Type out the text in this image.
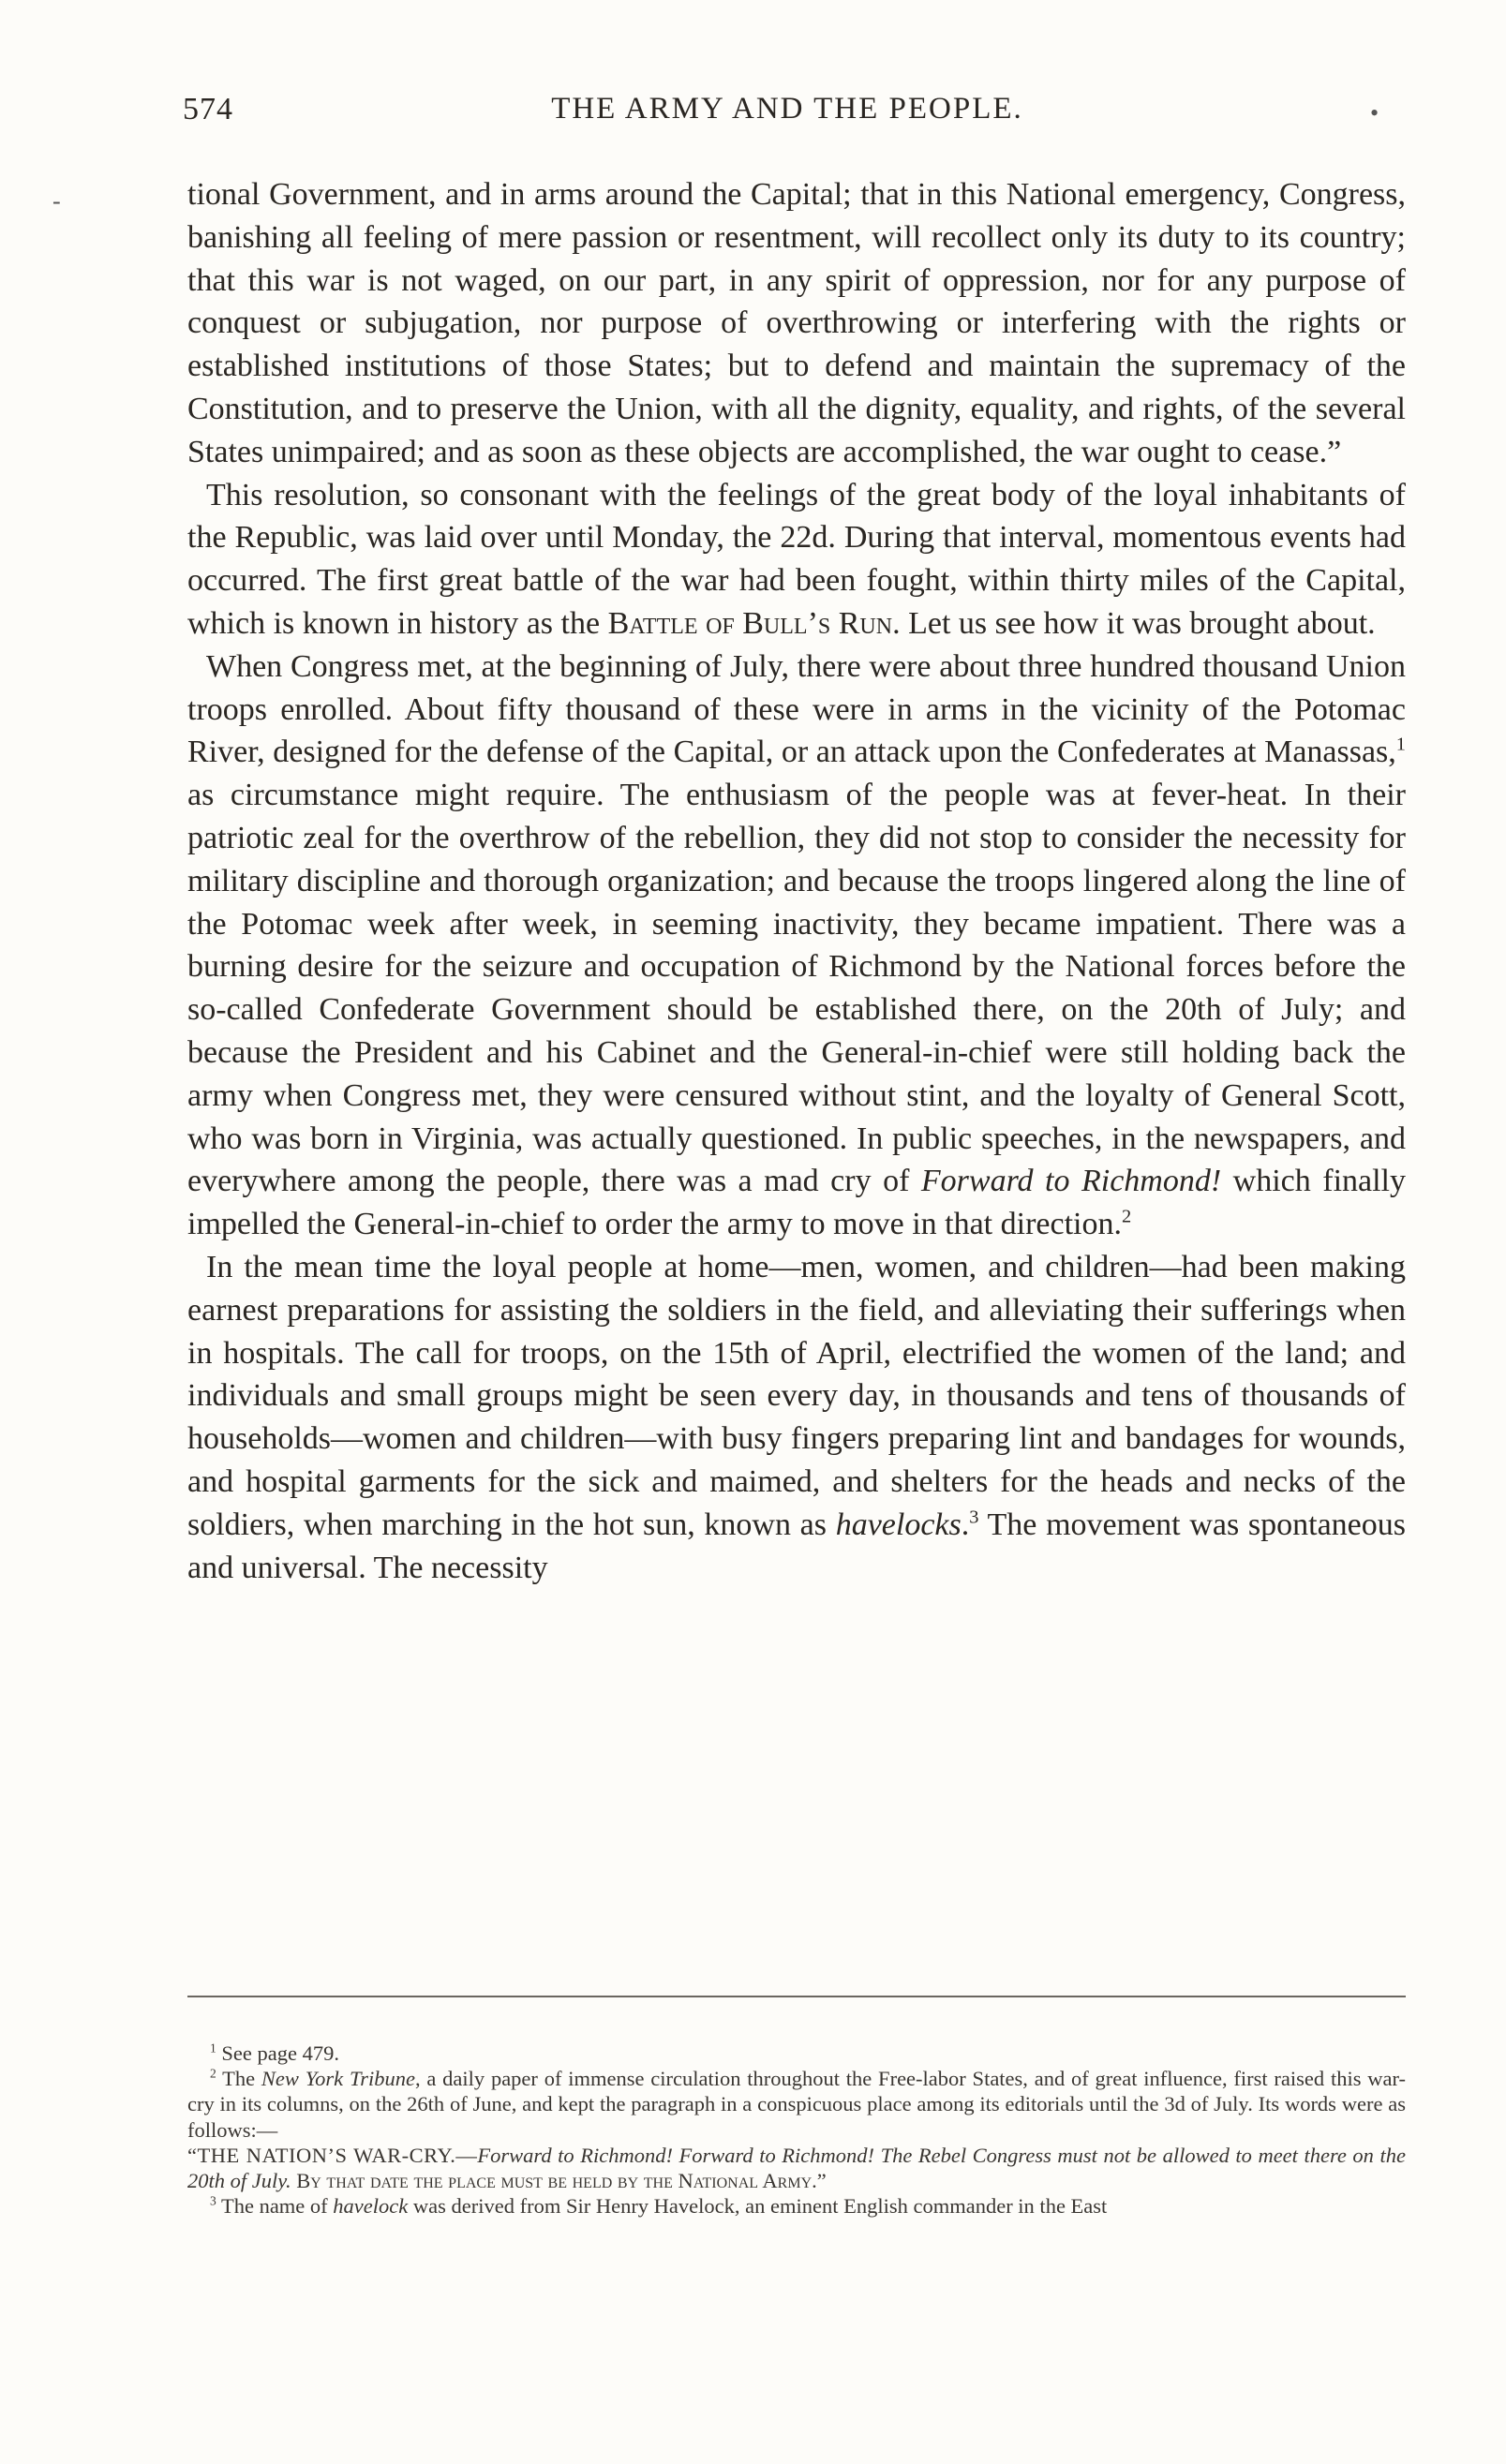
574	THE ARMY AND THE PEOPLE.	•
-	tional Government, and in arms around the Capital; that in this National emergency, Congress, banishing all feeling of mere passion or resentment, will recollect only its duty to its country; that this war is not waged, on our part, in any spirit of oppression, nor for any purpose of conquest or subjugation, nor purpose of overthrowing or interfering with the rights or established institutions of those States; but to defend and maintain the supremacy of the Constitution, and to preserve the Union, with all the dignity, equality, and rights, of the several States unimpaired; and as soon as these objects are accomplished, the war ought to cease.”

This resolution, so consonant with the feelings of the great body of the loyal inhabitants of the Republic, was laid over until Monday, the 22d. During that interval, momentous events had occurred. The first great battle of the war had been fought, within thirty miles of the Capital, which is known in history as the Battle of Bull’s Run. Let us see how it was brought about.

When Congress met, at the beginning of July, there were about three hundred thousand Union troops enrolled. About fifty thousand of these were in arms in the vicinity of the Potomac River, designed for the defense of the Capital, or an attack upon the Confederates at Manassas,$^1$ as circumstance might require. The enthusiasm of the people was at fever-heat. In their patriotic zeal for the overthrow of the rebellion, they did not stop to consider the necessity for military discipline and thorough organization; and because the troops lingered along the line of the Potomac week after week, in seeming inactivity, they became impatient. There was a burning desire for the seizure and occupation of Richmond by the National forces before the so-called Confederate Government should be established there, on the 20th of July; and because the President and his Cabinet and the General-in-chief were still holding back the army when Congress met, they were censured without stint, and the loyalty of General Scott, who was born in Virginia, was actually questioned. In public speeches, in the newspapers, and everywhere among the people, there was a mad cry of Forward to Richmond! which finally impelled the General-in-chief to order the army to move in that direction.$^2$

In the mean time the loyal people at home—men, women, and children—had been making earnest preparations for assisting the soldiers in the field, and alleviating their sufferings when in hospitals. The call for troops, on the 15th of April, electrified the women of the land; and individuals and small groups might be seen every day, in thousands and tens of thousands of households—women and children—with busy fingers preparing lint and bandages for wounds, and hospital garments for the sick and maimed, and shelters for the heads and necks of the soldiers, when marching in the hot sun, known as havelocks.$^3$ The movement was spontaneous and universal. The necessity

$^1$ See page 479.

$^2$ The New York Tribune, a daily paper of immense circulation throughout the Free-labor States, and of great influence, first raised this war-cry in its columns, on the 26th of June, and kept the paragraph in a conspicuous place among its editorials until the 3d of July. Its words were as follows:—
“THE NATION’S WAR-CRY.—Forward to Richmond! Forward to Richmond! The Rebel Congress must not be allowed to meet there on the 20th of July. By that date the place must be held by the National Army.”

$^3$ The name of havelock was derived from Sir Henry Havelock, an eminent English commander in the East
